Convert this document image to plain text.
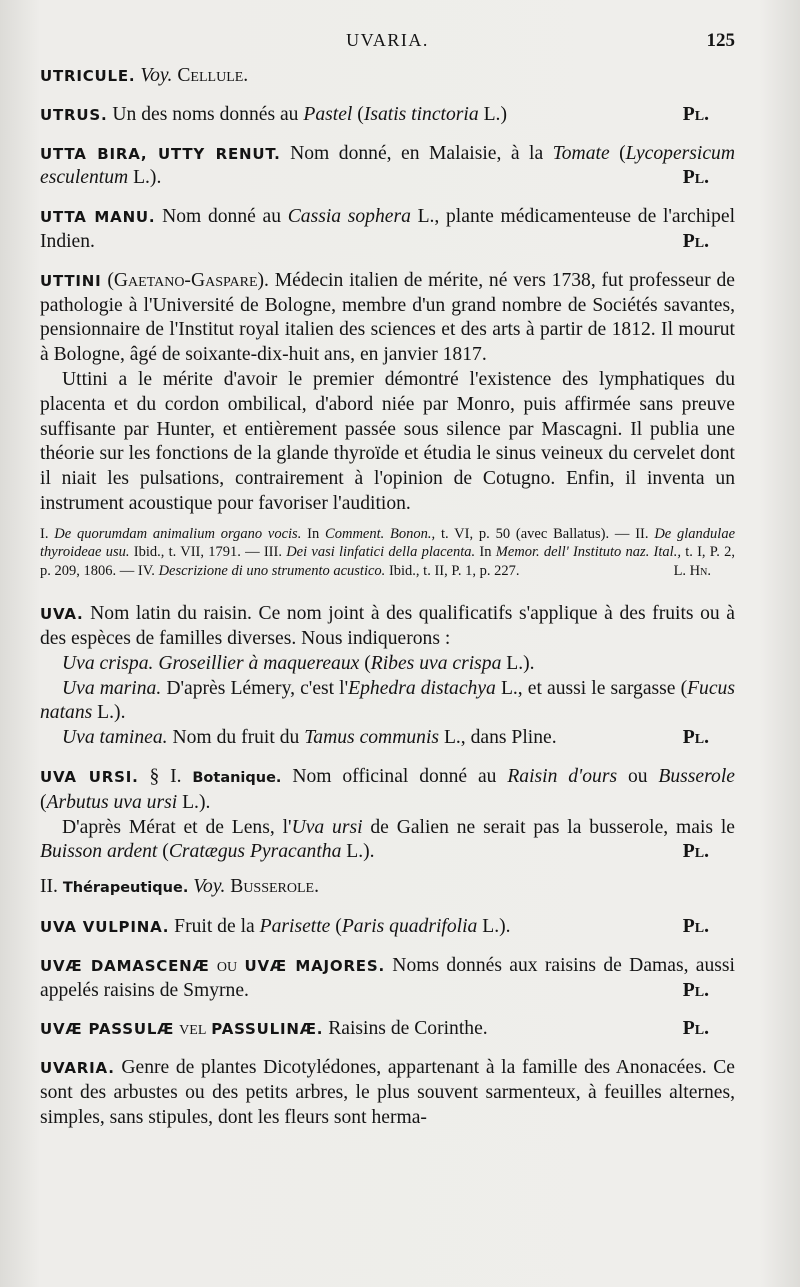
UVARIA.	125
UTRICULE. Voy. Cellule.
UTRUS. Un des noms donnés au Pastel (Isatis tinctoria L.)	Pl.
UTTA BIRA, UTTY RENUT. Nom donné, en Malaisie, à la Tomate (Lycopersicum esculentum L.).	Pl.
UTTA MANU. Nom donné au Cassia sophera L., plante médicamenteuse de l'archipel Indien.	Pl.

UTTINI (Gaetano-Gaspare). Médecin italien de mérite, né vers 1738, fut professeur de pathologie à l'Université de Bologne, membre d'un grand nombre de Sociétés savantes, pensionnaire de l'Institut royal italien des sciences et des arts à partir de 1812. Il mourut à Bologne, âgé de soixante-dix-huit ans, en janvier 1817.

Uttini a le mérite d'avoir le premier démontré l'existence des lymphatiques du placenta et du cordon ombilical, d'abord niée par Monro, puis affirmée sans preuve suffisante par Hunter, et entièrement passée sous silence par Mascagni. Il publia une théorie sur les fonctions de la glande thyroïde et étudia le sinus veineux du cervelet dont il niait les pulsations, contrairement à l'opinion de Cotugno. Enfin, il inventa un instrument acoustique pour favoriser l'audition.

I. De quorumdam animalium organo vocis. In Comment. Bonon., t. VI, p. 50 (avec Ballatus). — II. De glandulae thyroideae usu. Ibid., t. VII, 1791. — III. Dei vasi linfatici della placenta. In Memor. dell' Instituto naz. Ital., t. I, P. 2, p. 209, 1806. — IV. Descrizione di uno strumento acustico. Ibid., t. II, P. 1, p. 227.	L. Hn.

UVA. Nom latin du raisin. Ce nom joint à des qualificatifs s'applique à des fruits ou à des espèces de familles diverses. Nous indiquerons :

Uva crispa. Groseillier à maquereaux (Ribes uva crispa L.).

Uva marina. D'après Lémery, c'est l'Ephedra distachya L., et aussi le sargasse (Fucus natans L.).

Uva taminea. Nom du fruit du Tamus communis L., dans Pline.	Pl.

UVA URSI. § I. Botanique. Nom officinal donné au Raisin d'ours ou Busserole (Arbutus uva ursi L.).

D'après Mérat et de Lens, l'Uva ursi de Galien ne serait pas la busserole, mais le Buisson ardent (Cratægus Pyracantha L.).	Pl.

II. Thérapeutique. Voy. Busserole.

UVA VULPINA. Fruit de la Parisette (Paris quadrifolia L.).	Pl.
UVÆ DAMASCENÆ ou UVÆ MAJORES. Noms donnés aux raisins de Damas, aussi appelés raisins de Smyrne.	Pl.
UVÆ PASSULÆ vel PASSULINÆ. Raisins de Corinthe.	Pl.
UVARIA. Genre de plantes Dicotylédones, appartenant à la famille des Anonacées. Ce sont des arbustes ou des petits arbres, le plus souvent sarmenteux, à feuilles alternes, simples, sans stipules, dont les fleurs sont herma-
